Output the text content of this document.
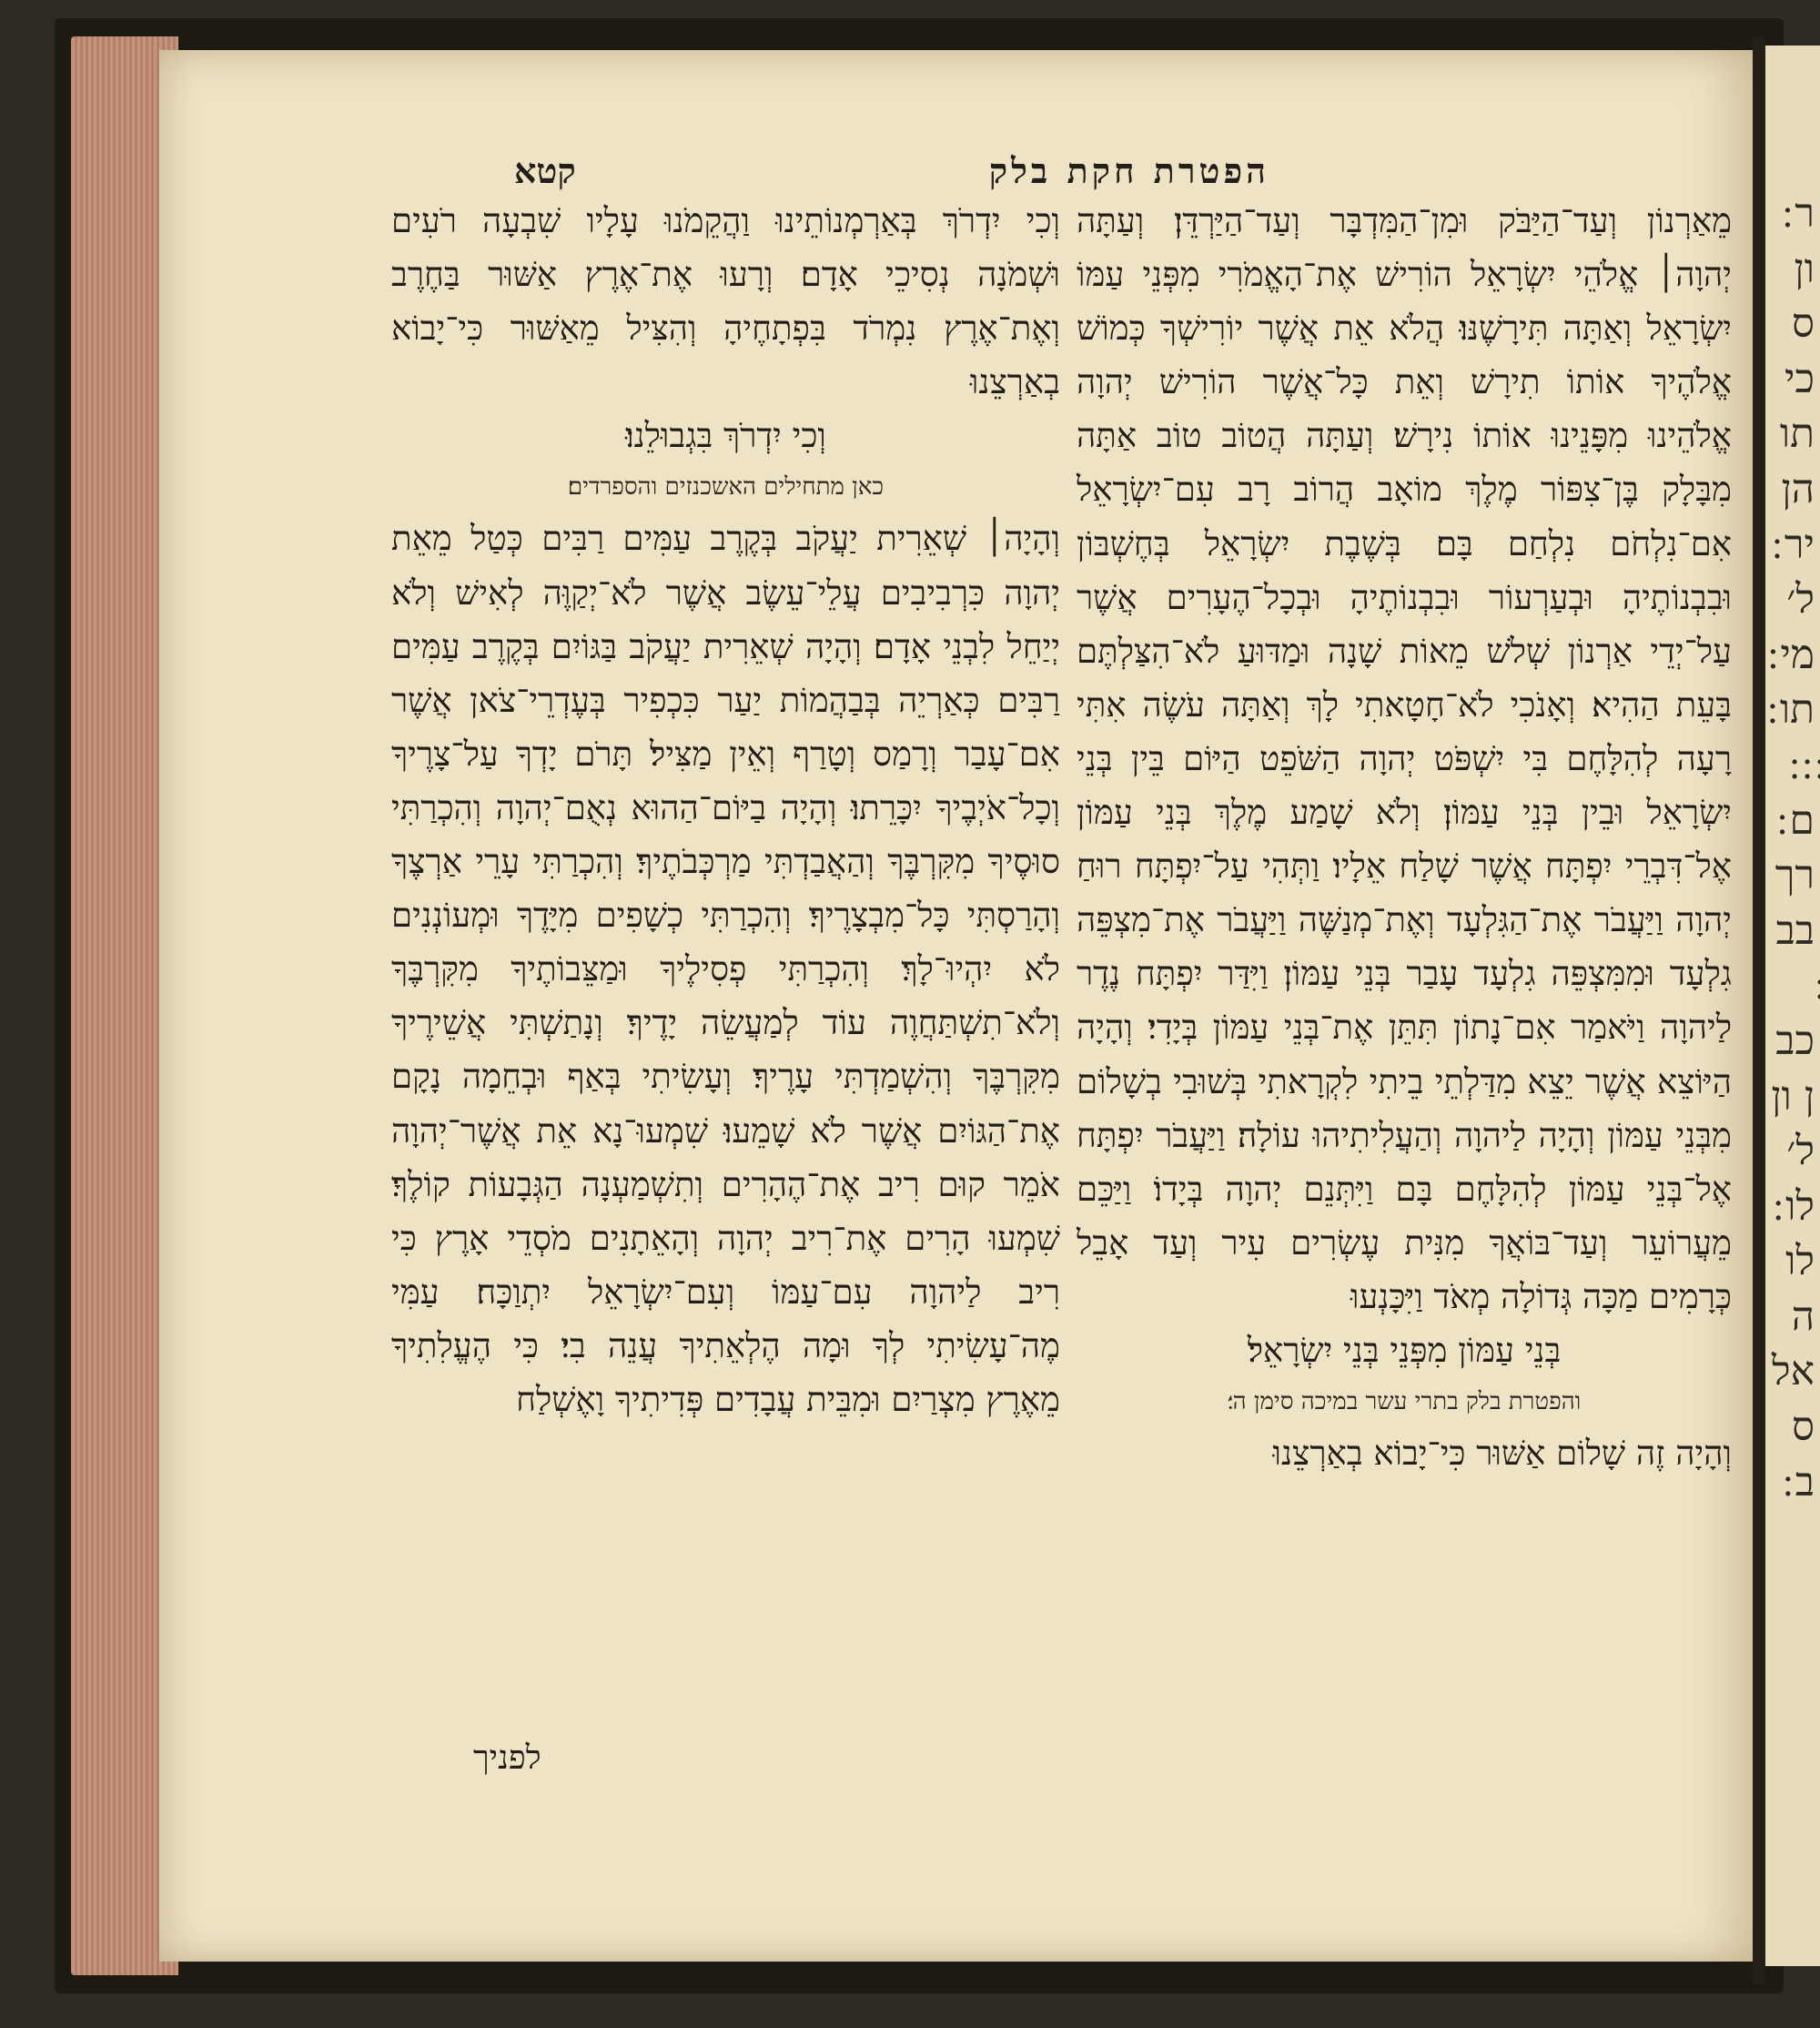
הפטרת חקת בלק
קטא

מֵאַרְנוֹן וְעַד־הַיַּבֹּק וּמִן־הַמִּדְבָּר וְעַד־הַיַּרְדֵּן׃ וְעַתָּה יְהוָה׀ אֱלֹהֵי יִשְׂרָאֵל הוֹרִישׁ אֶת־הָאֱמֹרִי מִפְּנֵי עַמּוֹ יִשְׂרָאֵל וְאַתָּה תִּירָשֶׁנּוּ׃ הֲלֹא אֵת אֲשֶׁר יוֹרִישְׁךָ כְּמוֹשׁ אֱלֹהֶיךָ אוֹתוֹ תִירָשׁ וְאֵת כָּל־אֲשֶׁר הוֹרִישׁ יְהוָה אֱלֹהֵינוּ מִפָּנֵינוּ אוֹתוֹ נִירָשׁ׃ וְעַתָּה הֲטוֹב טוֹב אַתָּה מִבָּלָק בֶּן־צִפּוֹר מֶלֶךְ מוֹאָב הֲרוֹב רָב עִם־יִשְׂרָאֵל אִם־נִלְחֹם נִלְחַם בָּם׃ בְּשֶׁבֶת יִשְׂרָאֵל בְּחֶשְׁבּוֹן וּבִבְנוֹתֶיהָ וּבְעַרְעוֹר וּבִבְנוֹתֶיהָ וּבְכָל־הֶעָרִים אֲשֶׁר עַל־יְדֵי אַרְנוֹן שְׁלֹשׁ מֵאוֹת שָׁנָה וּמַדּוּעַ לֹא־הִצַּלְתֶּם בָּעֵת הַהִיא׃ וְאָנֹכִי לֹא־חָטָאתִי לָךְ וְאַתָּה עֹשֶׂה אִתִּי רָעָה לְהִלָּחֶם בִּי יִשְׁפֹּט יְהוָה הַשֹּׁפֵט הַיּוֹם בֵּין בְּנֵי יִשְׂרָאֵל וּבֵין בְּנֵי עַמּוֹן׃ וְלֹא שָׁמַע מֶלֶךְ בְּנֵי עַמּוֹן אֶל־דִּבְרֵי יִפְתָּח אֲשֶׁר שָׁלַח אֵלָיו׃ וַתְּהִי עַל־יִפְתָּח רוּחַ יְהוָה וַיַּעֲבֹר אֶת־הַגִּלְעָד וְאֶת־מְנַשֶּׁה וַיַּעֲבֹר אֶת־מִצְפֵּה גִלְעָד וּמִמִּצְפֵּה גִלְעָד עָבַר בְּנֵי עַמּוֹן׃ וַיִּדַּר יִפְתָּח נֶדֶר לַיהוָה וַיֹּאמַר אִם־נָתוֹן תִּתֵּן אֶת־בְּנֵי עַמּוֹן בְּיָדִי׃ וְהָיָה הַיּוֹצֵא אֲשֶׁר יֵצֵא מִדַּלְתֵי בֵיתִי לִקְרָאתִי בְּשׁוּבִי בְשָׁלוֹם מִבְּנֵי עַמּוֹן וְהָיָה לַיהוָה וְהַעֲלִיתִיהוּ עוֹלָה׃ וַיַּעֲבֹר יִפְתָּח אֶל־בְּנֵי עַמּוֹן לְהִלָּחֶם בָּם וַיִּתְּנֵם יְהוָה בְּיָדוֹ׃ וַיַּכֵּם מֵעֲרוֹעֵר וְעַד־בּוֹאֲךָ מִנִּית עֶשְׂרִים עִיר וְעַד אָבֵל כְּרָמִים מַכָּה גְּדוֹלָה מְאֹד וַיִּכָּנְעוּ

בְּנֵי עַמּוֹן מִפְּנֵי בְּנֵי יִשְׂרָאֵל׃

והפטרת בלק בתרי עשר במיכה סימן ה׳׃

וְהָיָה זֶה שָׁלוֹם אַשּׁוּר כִּי־יָבוֹא בְאַרְצֵנוּ

וְכִי יִדְרֹךְ בְּאַרְמְנוֹתֵינוּ וַהֲקֵמֹנוּ עָלָיו שִׁבְעָה רֹעִים וּשְׁמֹנָה נְסִיכֵי אָדָם׃ וְרָעוּ אֶת־אֶרֶץ אַשּׁוּר בַּחֶרֶב וְאֶת־אֶרֶץ נִמְרֹד בִּפְתָחֶיהָ וְהִצִּיל מֵאַשּׁוּר כִּי־יָבוֹא בְאַרְצֵנוּ

וְכִי יִדְרֹךְ בִּגְבוּלֵנוּ׃

כאן מתחילים האשכנזים והספרדים׃

וְהָיָה׀ שְׁאֵרִית יַעֲקֹב בְּקֶרֶב עַמִּים רַבִּים כְּטַל מֵאֵת יְהוָה כִּרְבִיבִים עֲלֵי־עֵשֶׂב אֲשֶׁר לֹא־יְקַוֶּה לְאִישׁ וְלֹא יְיַחֵל לִבְנֵי אָדָם׃ וְהָיָה שְׁאֵרִית יַעֲקֹב בַּגּוֹיִם בְּקֶרֶב עַמִּים רַבִּים כְּאַרְיֵה בְּבַהֲמוֹת יַעַר כִּכְפִיר בְּעֶדְרֵי־צֹאן אֲשֶׁר אִם־עָבַר וְרָמַס וְטָרַף וְאֵין מַצִּיל׃ תָּרֹם יָדְךָ עַל־צָרֶיךָ וְכָל־אֹיְבֶיךָ יִכָּרֵתוּ׃ וְהָיָה בַיּוֹם־הַהוּא נְאֻם־יְהוָה וְהִכְרַתִּי סוּסֶיךָ מִקִּרְבֶּךָ וְהַאֲבַדְתִּי מַרְכְּבֹתֶיךָ׃ וְהִכְרַתִּי עָרֵי אַרְצֶךָ וְהָרַסְתִּי כָּל־מִבְצָרֶיךָ׃ וְהִכְרַתִּי כְשָׁפִים מִיָּדֶךָ וּמְעוֹנְנִים לֹא יִהְיוּ־לָךְ׃ וְהִכְרַתִּי פְסִילֶיךָ וּמַצֵּבוֹתֶיךָ מִקִּרְבֶּךָ וְלֹא־תִשְׁתַּחֲוֶה עוֹד לְמַעֲשֵׂה יָדֶיךָ׃ וְנָתַשְׁתִּי אֲשֵׁירֶיךָ מִקִּרְבֶּךָ וְהִשְׁמַדְתִּי עָרֶיךָ׃ וְעָשִׂיתִי בְּאַף וּבְחֵמָה נָקָם אֶת־הַגּוֹיִם אֲשֶׁר לֹא שָׁמֵעוּ׃ שִׁמְעוּ־נָא אֵת אֲשֶׁר־יְהוָה אֹמֵר קוּם רִיב אֶת־הֶהָרִים וְתִשְׁמַעְנָה הַגְּבָעוֹת קוֹלֶךָ׃ שִׁמְעוּ הָרִים אֶת־רִיב יְהוָה וְהָאֵתָנִים מֹסְדֵי אָרֶץ כִּי רִיב לַיהוָה עִם־עַמּוֹ וְעִם־יִשְׂרָאֵל יִתְוַכָּח׃ עַמִּי מֶה־עָשִׂיתִי לְךָ וּמָה הֶלְאֵתִיךָ עֲנֵה בִי׃ כִּי הֶעֱלִתִיךָ מֵאֶרֶץ מִצְרַיִם וּמִבֵּית עֲבָדִים פְּדִיתִיךָ וָאֶשְׁלַח

לפניך
ר ון ס כי תו הן יר ל׳ מי תו ׃ ׃ ם רך בב כב ן ון ל׳ לו לו ה אל ס ב
